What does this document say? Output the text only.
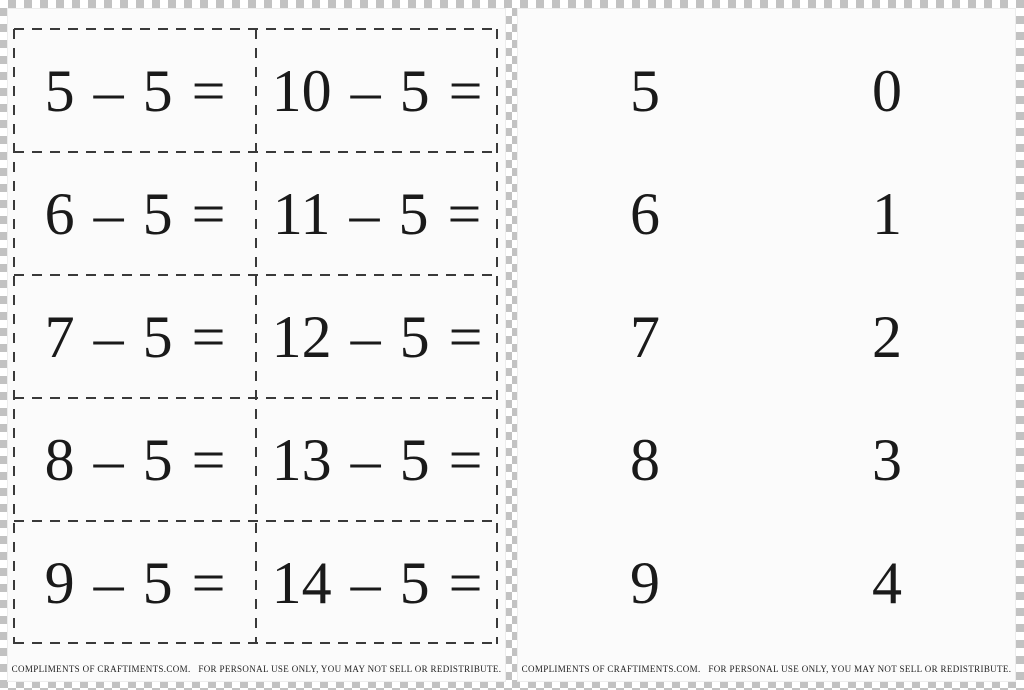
5 – 5 = 10 – 5 =
6 – 5 = 11 – 5 =
7 – 5 = 12 – 5 =
8 – 5 = 13 – 5 =
9 – 5 = 14 – 5 =
COMPLIMENTS OF CRAFTIMENTS.COM.   FOR PERSONAL USE ONLY, YOU MAY NOT SELL OR REDISTRIBUTE.
5	0
6	1
7	2
8	3
9	4
COMPLIMENTS OF CRAFTIMENTS.COM.   FOR PERSONAL USE ONLY, YOU MAY NOT SELL OR REDISTRIBUTE.
